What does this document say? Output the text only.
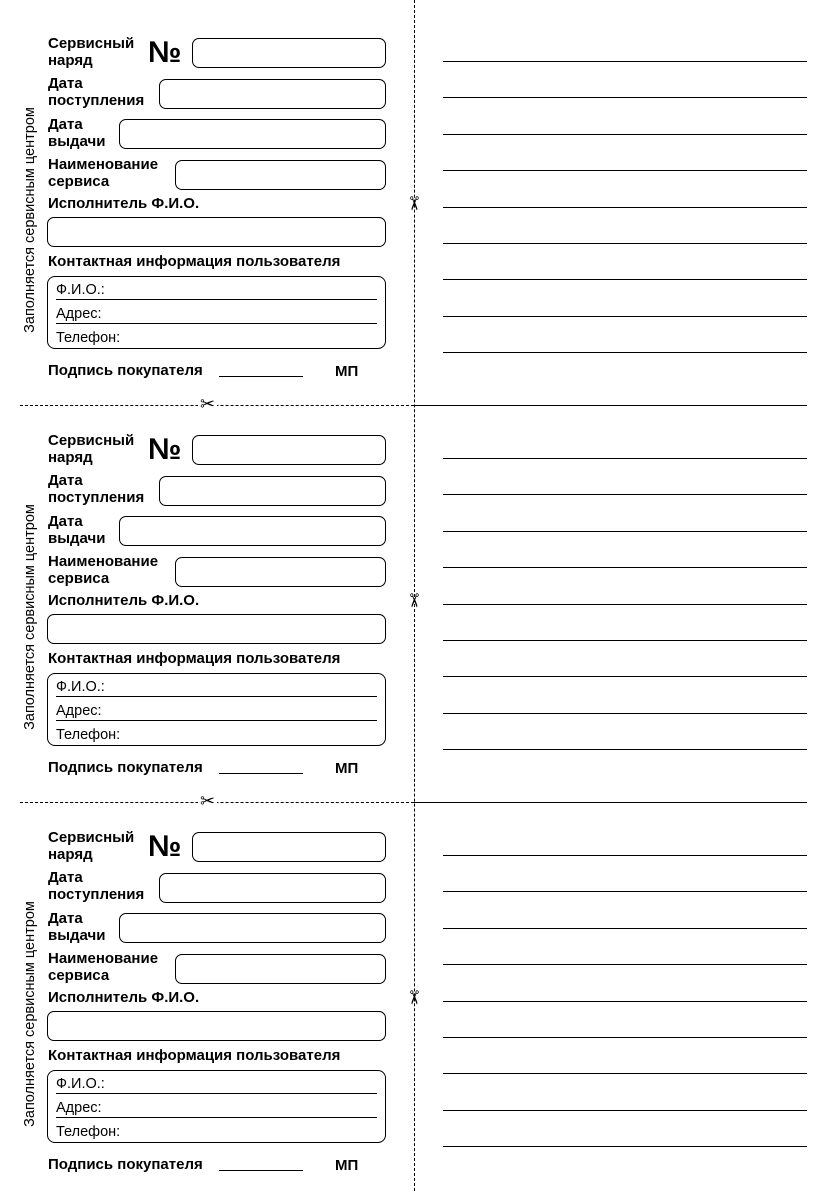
✂
✂
✂
✂
✂
Заполняется сервисным центром
Сервисный
наряд	№
Дата
поступления
Дата
выдачи
Наименование
сервиса
Исполнитель Ф.И.О.
Контактная информация пользователя
Ф.И.О.:
Адрес:
Телефон:
Подпись покупателя	МП
Заполняется сервисным центром
Сервисный
наряд	№
Дата
поступления
Дата
выдачи
Наименование
сервиса
Исполнитель Ф.И.О.
Контактная информация пользователя
Ф.И.О.:
Адрес:
Телефон:
Подпись покупателя	МП
Заполняется сервисным центром
Сервисный
наряд	№
Дата
поступления
Дата
выдачи
Наименование
сервиса
Исполнитель Ф.И.О.
Контактная информация пользователя
Ф.И.О.:
Адрес:
Телефон:
Подпись покупателя	МП
